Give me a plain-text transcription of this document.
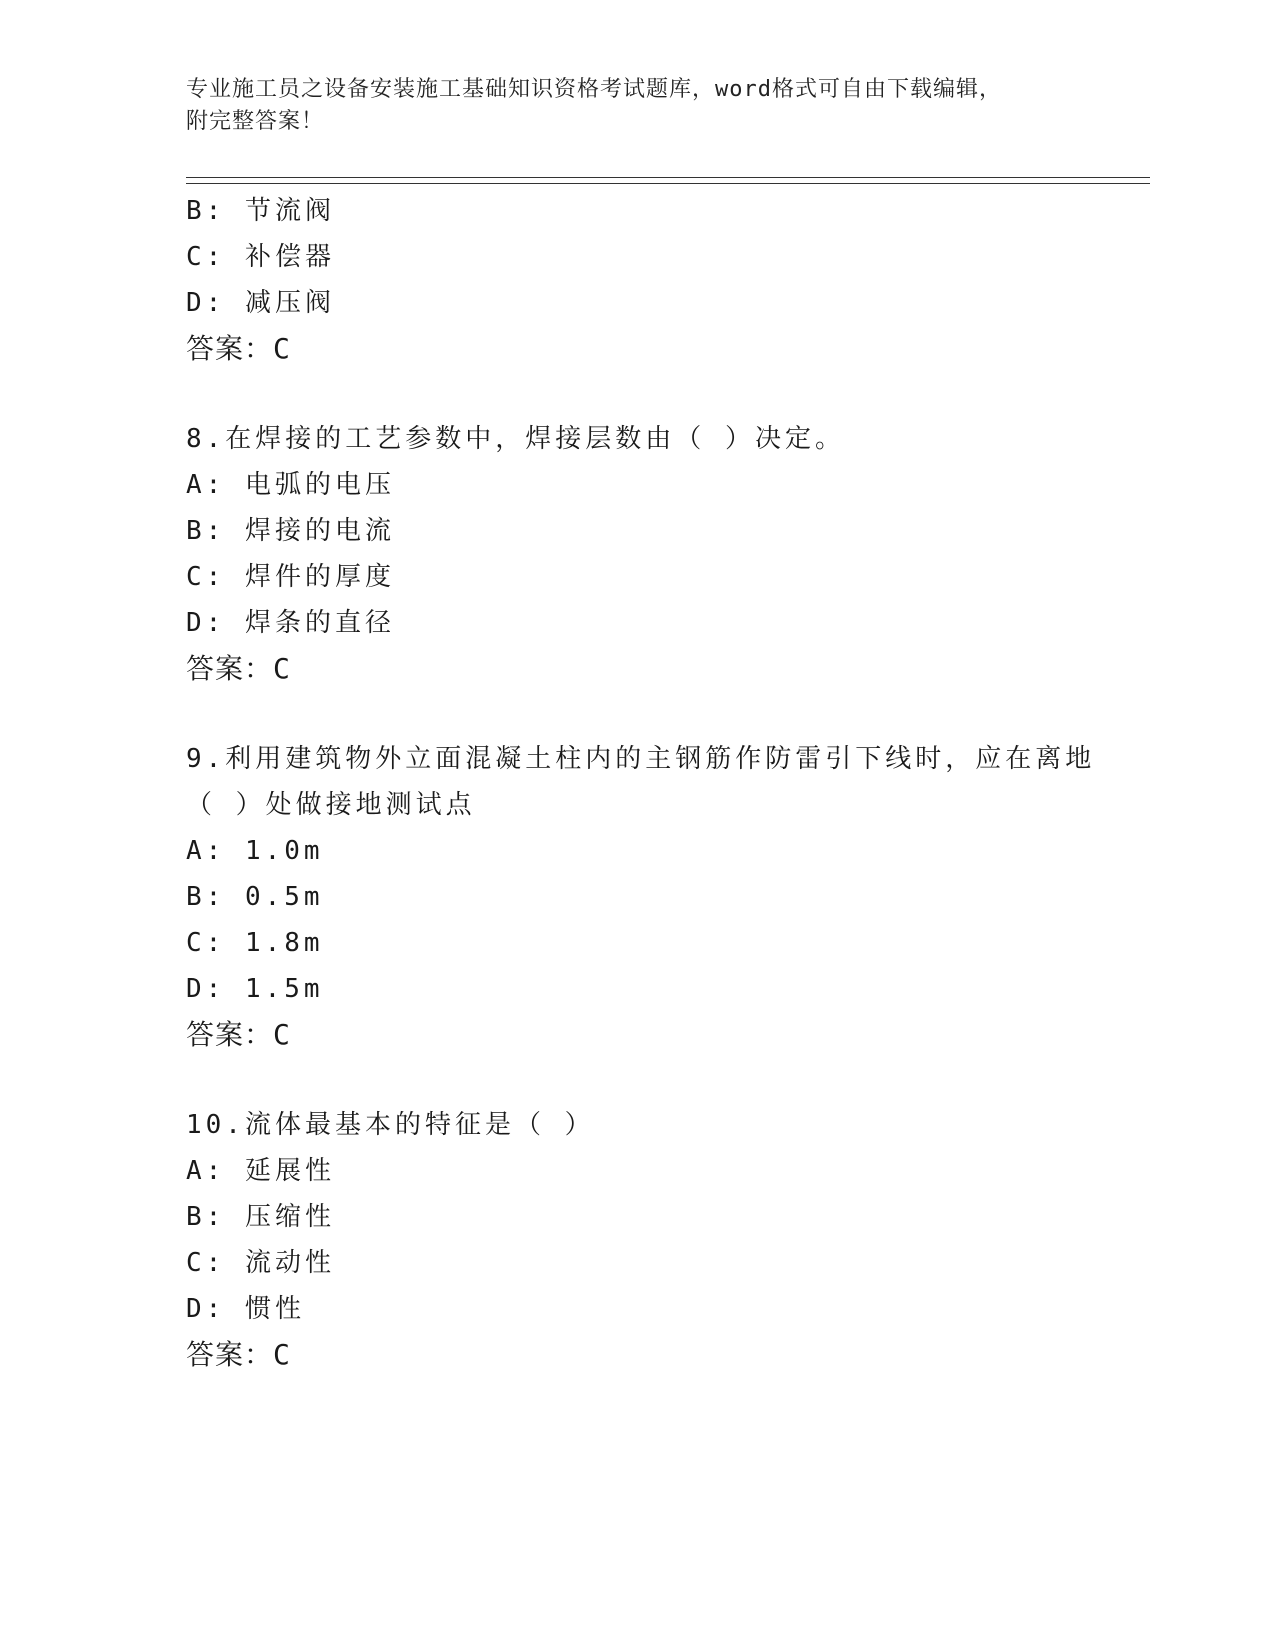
专业施工员之设备安装施工基础知识资格考试题库，word格式可自由下载编辑，
附完整答案！
B: 节流阀
C: 补偿器
D: 减压阀
答案：C
8.在焊接的工艺参数中，焊接层数由（ ）决定。
A: 电弧的电压
B: 焊接的电流
C: 焊件的厚度
D: 焊条的直径
答案：C
9.利用建筑物外立面混凝土柱内的主钢筋作防雷引下线时，应在离地
（ ）处做接地测试点
A: 1.0m
B: 0.5m
C: 1.8m
D: 1.5m
答案：C
10.流体最基本的特征是（ ）
A: 延展性
B: 压缩性
C: 流动性
D: 惯性
答案：C
